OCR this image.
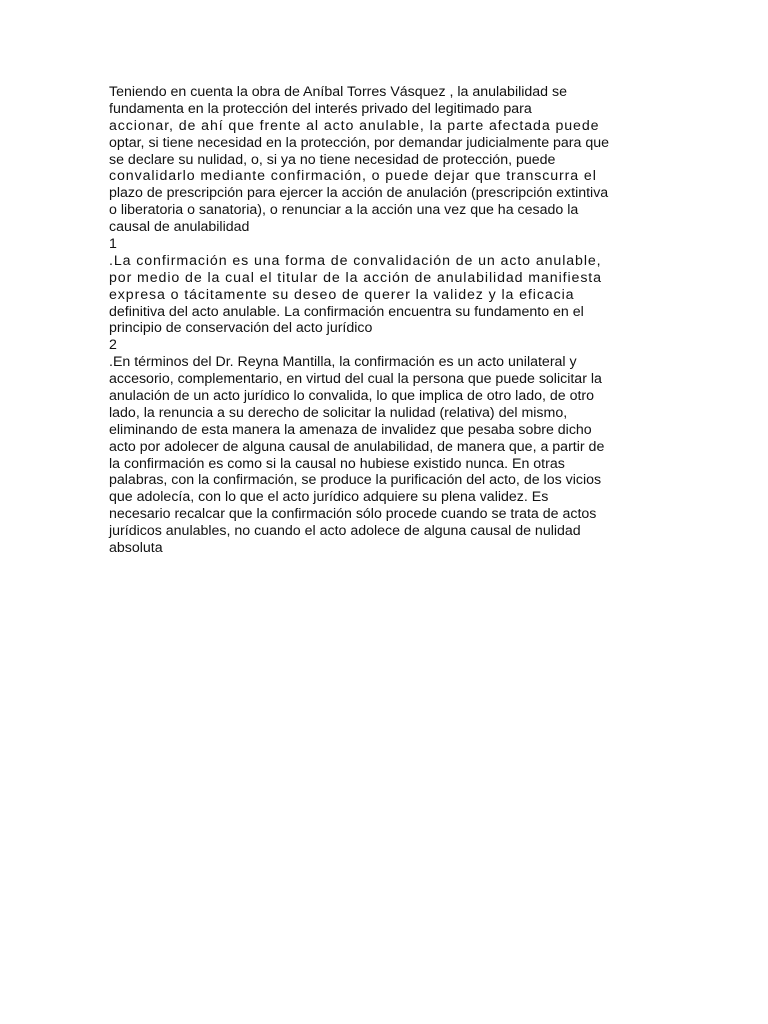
Teniendo en cuenta la obra de Aníbal Torres Vásquez , la anulabilidad se
fundamenta en la protección del interés privado del legitimado para
accionar, de ahí que frente al acto anulable, la parte afectada puede
optar, si tiene necesidad en la protección, por demandar judicialmente para que
se declare su nulidad, o, si ya no tiene necesidad de protección, puede
convalidarlo mediante confirmación, o puede dejar que transcurra el
plazo de prescripción para ejercer la acción de anulación (prescripción extintiva
o liberatoria o sanatoria), o renunciar a la acción una vez que ha cesado la
causal de anulabilidad
1
.La confirmación es una forma de convalidación de un acto anulable,
por medio de la cual el titular de la acción de anulabilidad manifiesta
expresa o tácitamente su deseo de querer la validez y la eficacia
definitiva del acto anulable. La confirmación encuentra su fundamento en el
principio de conservación del acto jurídico
2
.En términos del Dr. Reyna Mantilla, la confirmación es un acto unilateral y
accesorio, complementario, en virtud del cual la persona que puede solicitar la
anulación de un acto jurídico lo convalida, lo que implica de otro lado, de otro
lado, la renuncia a su derecho de solicitar la nulidad (relativa) del mismo,
eliminando de esta manera la amenaza de invalidez que pesaba sobre dicho
acto por adolecer de alguna causal de anulabilidad, de manera que, a partir de
la confirmación es como si la causal no hubiese existido nunca. En otras
palabras, con la confirmación, se produce la purificación del acto, de los vicios
que adolecía, con lo que el acto jurídico adquiere su plena validez. Es
necesario recalcar que la confirmación sólo procede cuando se trata de actos
jurídicos anulables, no cuando el acto adolece de alguna causal de nulidad
absoluta
